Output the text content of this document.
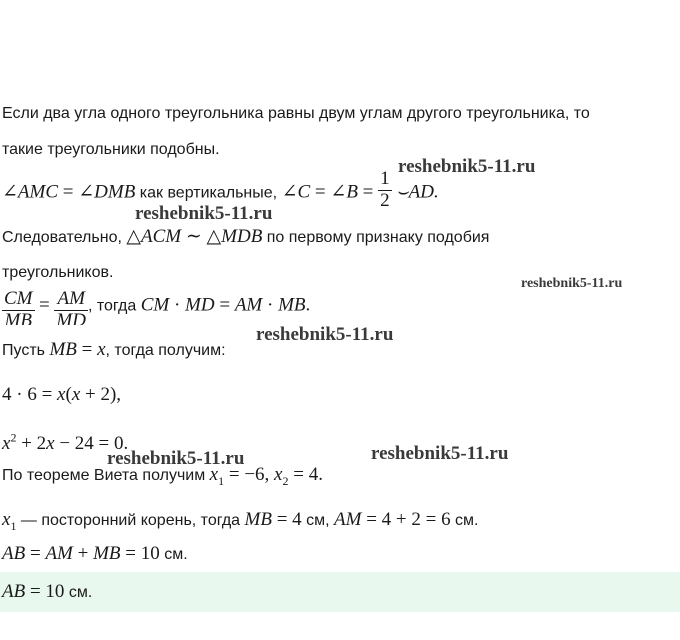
Если два угла одного треугольника равны двум углам другого треугольника, то
такие треугольники подобны.
∠AMC = ∠DMB как вертикальные, ∠C = ∠B = $\frac{1}{2}$ ⌣AD.
Следовательно, △ACM ∼ △MDB по первому признаку подобия
треугольников.
$\frac{CM}{MB} = \frac{AM}{MD}$ , тогда CM · MD = AM · MB.
Пусть MB = x, тогда получим:
4 · 6 = x(x + 2),
$x^2 + 2x - 24 = 0$.
По теореме Виета получим $x_1 = -6$, $x_2 = 4$.
$x_1$ — посторонний корень, тогда MB = 4 см, AM = 4 + 2 = 6 см.
AB = AM + MB = 10 см.
AB = 10 см.
reshebnik5-11.ru
reshebnik5-11.ru
reshebnik5-11.ru
reshebnik5-11.ru
reshebnik5-11.ru
reshebnik5-11.ru
